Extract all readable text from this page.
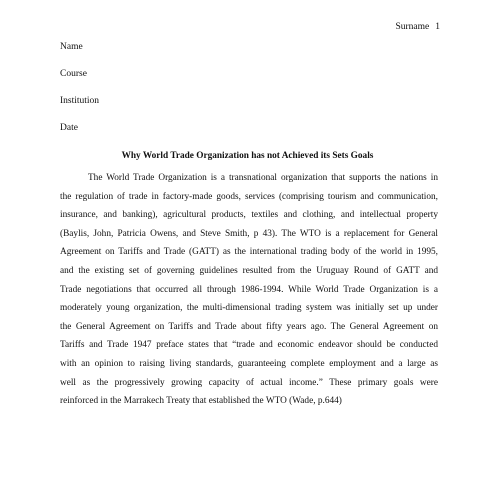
Surname 1
Name
Course
Institution
Date
Why World Trade Organization has not Achieved its Sets Goals
The World Trade Organization is a transnational organization that supports the nations in
the regulation of trade in factory-made goods, services (comprising tourism and communication,
insurance, and banking), agricultural products, textiles and clothing, and intellectual property
(Baylis, John, Patricia Owens, and Steve Smith, p 43). The WTO is a replacement for General
Agreement on Tariffs and Trade (GATT) as the international trading body of the world in 1995,
and the existing set of governing guidelines resulted from the Uruguay Round of GATT and
Trade negotiations that occurred all through 1986-1994. While World Trade Organization is a
moderately young organization, the multi-dimensional trading system was initially set up under
the General Agreement on Tariffs and Trade about fifty years ago. The General Agreement on
Tariffs and Trade 1947 preface states that “trade and economic endeavor should be conducted
with an opinion to raising living standards, guaranteeing complete employment and a large as
well as the progressively growing capacity of actual income.” These primary goals were
reinforced in the Marrakech Treaty that established the WTO (Wade, p.644)
